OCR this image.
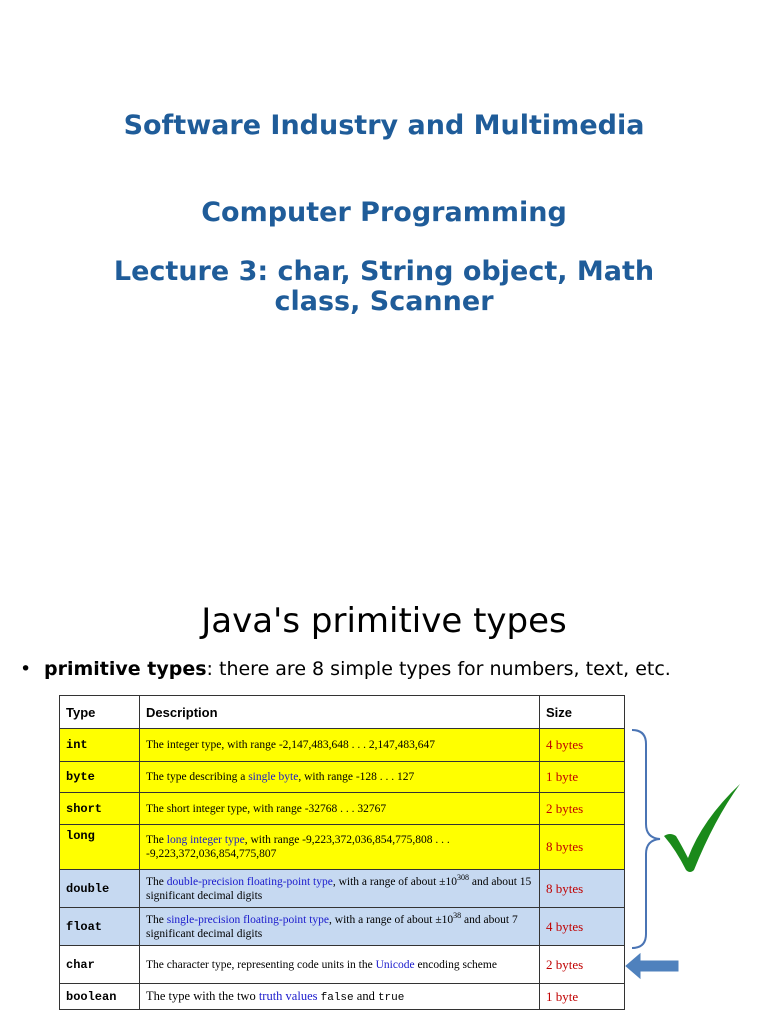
Software Industry and Multimedia
Computer Programming
Lecture 3: char, String object, Math
class, Scanner
Java's primitive types
• primitive types: there are 8 simple types for numbers, text, etc.
Type	Description	Size
int	The integer type, with range -2,147,483,648 . . . 2,147,483,647	4 bytes
byte	The type describing a single byte, with range -128 . . . 127	1 byte
short	The short integer type, with range -32768 . . . 32767	2 bytes
long	The long integer type, with range -9,223,372,036,854,775,808 . . . -9,223,372,036,854,775,807	8 bytes
double	The double-precision floating-point type, with a range of about $\pm 10^{308}$ and about 15 significant decimal digits	8 bytes
float	The single-precision floating-point type, with a range of about $\pm 10^{38}$ and about 7 significant decimal digits	4 bytes
char	The character type, representing code units in the Unicode encoding scheme	2 bytes
boolean	The type with the two truth values false and true	1 byte
